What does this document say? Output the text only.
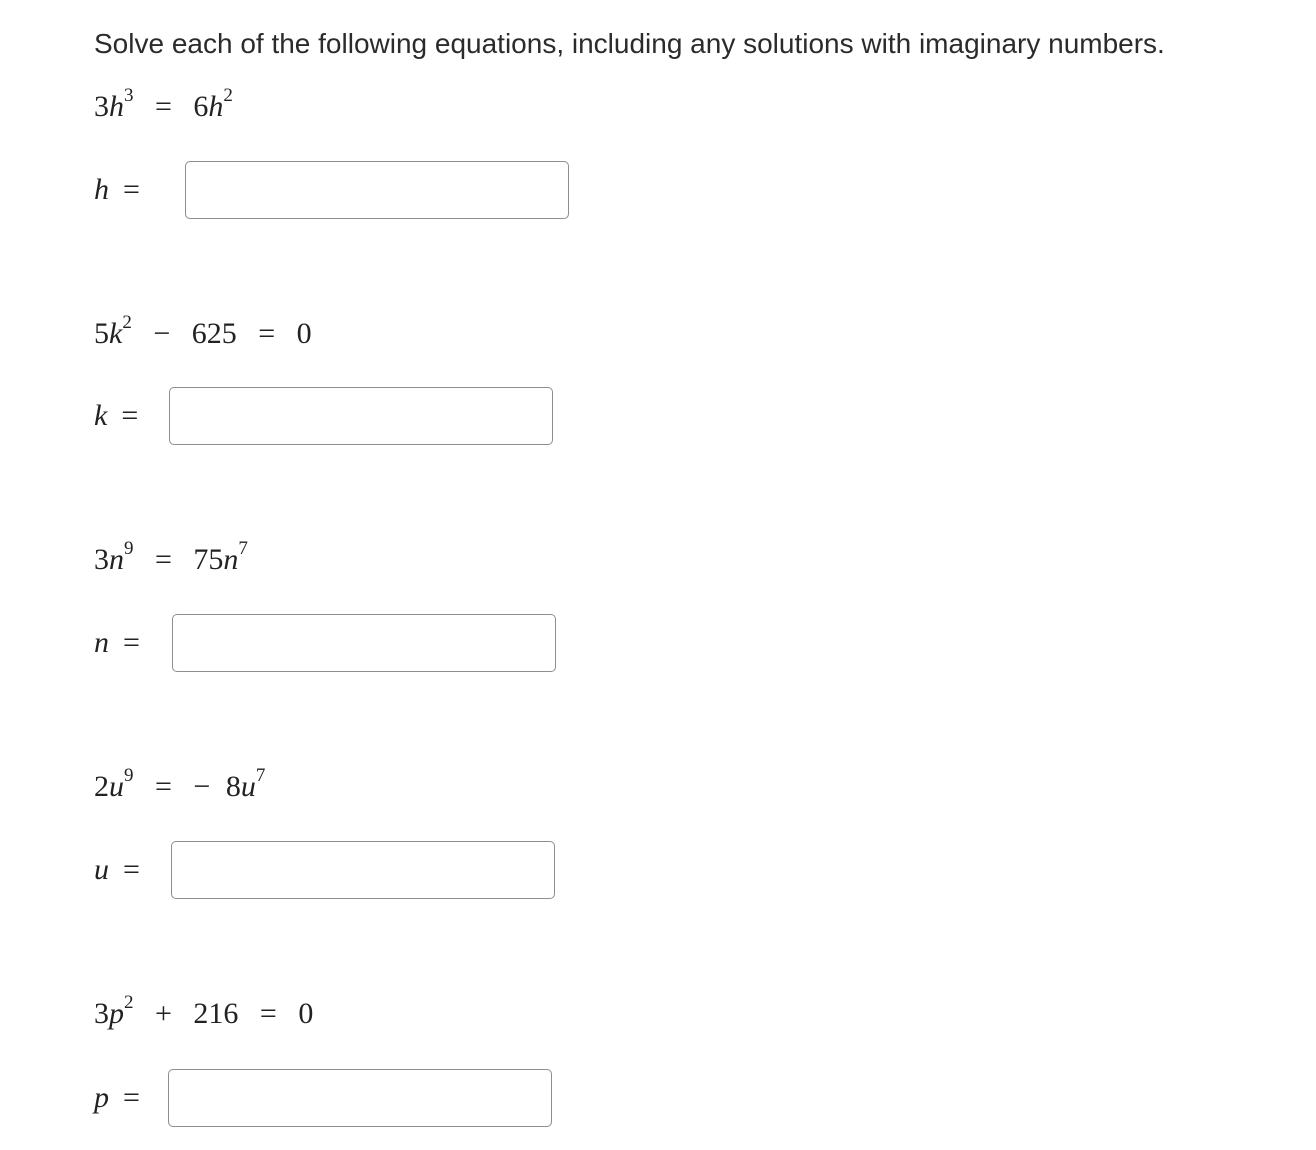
Solve each of the following equations, including any solutions with imaginary numbers.
$3h^3 = 6h^2$
h =
$5k^2 - 625 = 0$
k =
$3n^9 = 75n^7$
n =
$2u^9$ = − $8u^7$
u =
$3p^2 + 216 = 0$
p =
